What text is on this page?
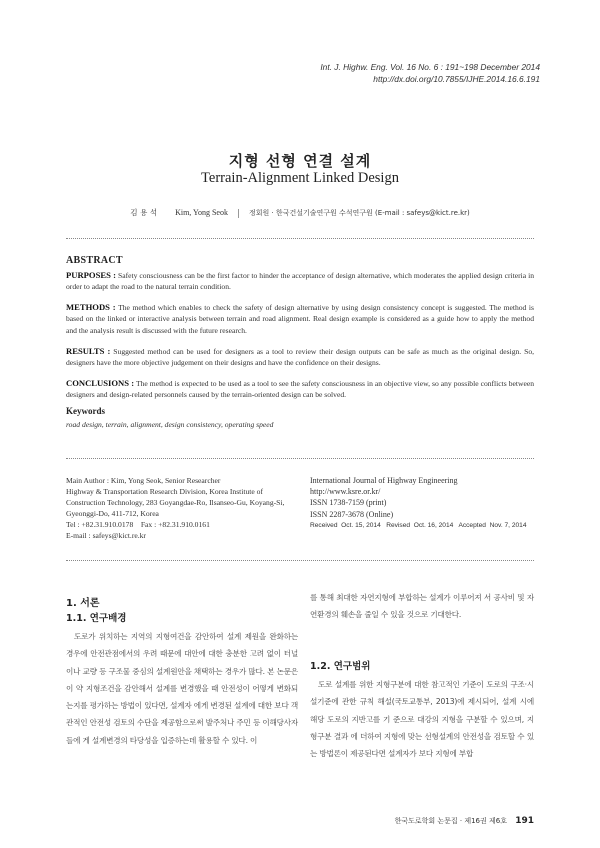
Int. J. Highw. Eng. Vol. 16 No. 6 : 191~198 December 2014
http://dx.doi.org/10.7855/IJHE.2014.16.6.191
지형 선형 연결 설계
Terrain-Alignment Linked Design
김 용 석 Kim, Yong Seok	정회원 · 한국건설기술연구원 수석연구원 (E-mail : safeys@kict.re.kr)
ABSTRACT
PURPOSES : Safety consciousness can be the first factor to hinder the acceptance of design alternative, which moderates the applied design criteria in order to adapt the road to the natural terrain condition.
METHODS : The method which enables to check the safety of design alternative by using design consistency concept is suggested. The method is based on the linked or interactive analysis between terrain and road alignment. Real design example is considered as a guide how to apply the method and the analysis result is discussed with the future research.
RESULTS : Suggested method can be used for designers as a tool to review their design outputs can be safe as much as the original design. So, designers have the more objective judgement on their designs and have the confidence on their designs.
CONCLUSIONS : The method is expected to be used as a tool to see the safety consciousness in an objective view, so any possible conflicts between designers and design-related personnels caused by the terrain-oriented design can be solved.
Keywords
road design, terrain, alignment, design consistency, operating speed
Main Author : Kim, Yong Seok, Senior Researcher
Highway & Transportation Research Division, Korea Institute of
Construction Technology, 283 Goyangdae-Ro, Ilsanseo-Gu, Koyang-Si,
Gyeonggi-Do, 411-712, Korea
Tel : +82.31.910.0178    Fax : +82.31.910.0161
E-mail : safeys@kict.re.kr
International Journal of Highway Engineering
http://www.ksre.or.kr/
ISSN 1738-7159 (print)
ISSN 2287-3678 (Online)
Received  Oct. 15, 2014   Revised  Oct. 16, 2014   Accepted  Nov. 7, 2014
1. 서론
1.1. 연구배경
도로가 위치하는 지역의 지형여건을 감안하여 설계 제원을 완화하는 경우에 안전관점에서의 우려 때문에 대안에 대한 충분한 고려 없이 터널이나 교량 등 구조물 중심의 설계원안을 채택하는 경우가 많다. 본 논문은 이 약 지형조건을 감안해서 설계를 변경했을 때 안전성이 어떻게 변화되는지를 평가하는 방법이 있다면, 설계자 에게 변경된 설계에 대한 보다 객관적인 안전성 검토의 수단을 제공함으로써 발주처나 주민 등 이해당사자들에 게 설계변경의 타당성을 입증하는데 활용할 수 있다. 이
를 통해 최대한 자연지형에 부합하는 설계가 이루어져 서 공사비 및 자연환경의 훼손을 줄일 수 있을 것으로 기대한다.
1.2. 연구범위
도로 설계를 위한 지형구분에 대한 참고적인 기준이 도로의 구조·시설기준에 관한 규칙 해설(국토교통부, 2013)에 제시되어, 설계 시에 해당 도로의 지반고를 기 준으로 대강의 지형을 구분할 수 있으며, 지형구분 결과 에 더하여 지형에 맞는 선형설계의 안전성을 검토할 수 있는 방법론이 제공된다면 설계자가 보다 지형에 부합
한국도로학회 논문집 · 제16권 제6호 191
